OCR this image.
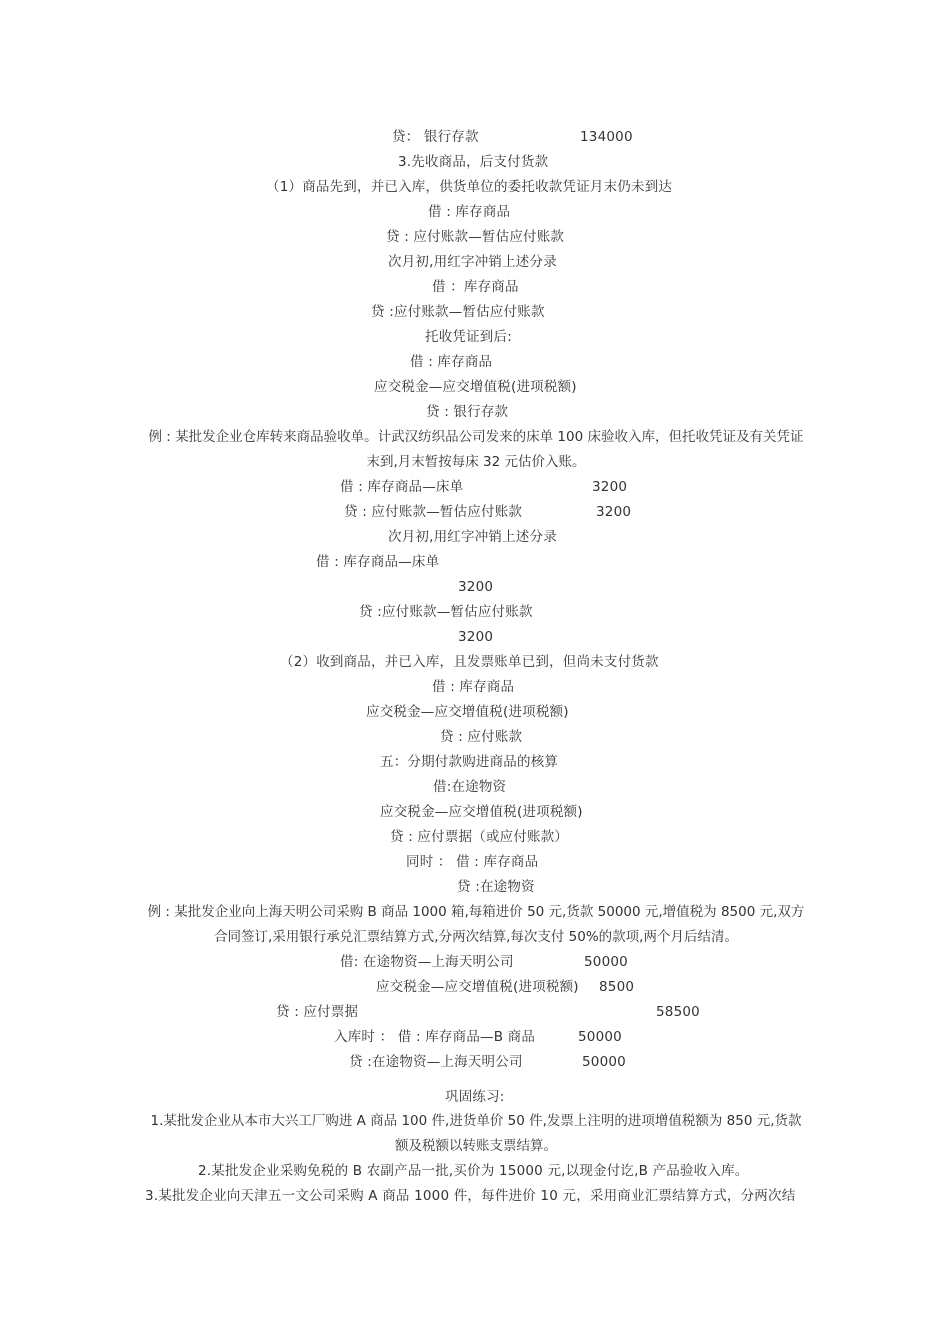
贷： 银行存款	134000
3.先收商品，后支付货款
（1）商品先到，并已入库，供货单位的委托收款凭证月末仍未到达
借 : 库存商品
贷 : 应付账款—暂估应付账款
次月初,用红字冲销上述分录
借 ：库存商品
贷 :应付账款—暂估应付账款
托收凭证到后:
借 : 库存商品
应交税金—应交增值税(进项税额)
贷 : 银行存款
例 : 某批发企业仓库转来商品验收单。计武汉纺织品公司发来的床单 100 床验收入库，但托收凭证及有关凭证末到,月末暂按每床 32 元估价入账。
借 : 库存商品—床单	3200
贷 : 应付账款—暂估应付账款	3200
次月初,用红字冲销上述分录
借 : 库存商品—床单
3200
贷 :应付账款—暂估应付账款
3200
（2）收到商品，并已入库，且发票账单已到，但尚未支付货款
借 : 库存商品
应交税金—应交增值税(进项税额)
贷 : 应付账款
五：分期付款购进商品的核算
借:在途物资
应交税金—应交增值税(进项税额)
贷 : 应付票据（或应付账款）
同时 ： 借 : 库存商品
贷 :在途物资
例 : 某批发企业向上海天明公司采购 B 商品 1000 箱,每箱进价 50 元,货款 50000 元,增值税为 8500 元,双方合同签订,采用银行承兑汇票结算方式,分两次结算,每次支付 50%的款项,两个月后结清。
借: 在途物资—上海天明公司	50000
应交税金—应交增值税(进项税额) 8500
贷 : 应付票据	58500
入库时 ： 借 : 库存商品—B 商品	50000
贷 :在途物资—上海天明公司	50000
巩固练习:
1.某批发企业从本市大兴工厂购进 A 商品 100 件,进货单价 50 件,发票上注明的进项增值税额为 850 元,货款额及税额以转账支票结算。
2.某批发企业采购免税的 B 农副产品一批,买价为 15000 元,以现金付讫,B 产品验收入库。
3.某批发企业向天津五一文公司采购 A 商品 1000 件，每件进价 10 元，采用商业汇票结算方式，分两次结
